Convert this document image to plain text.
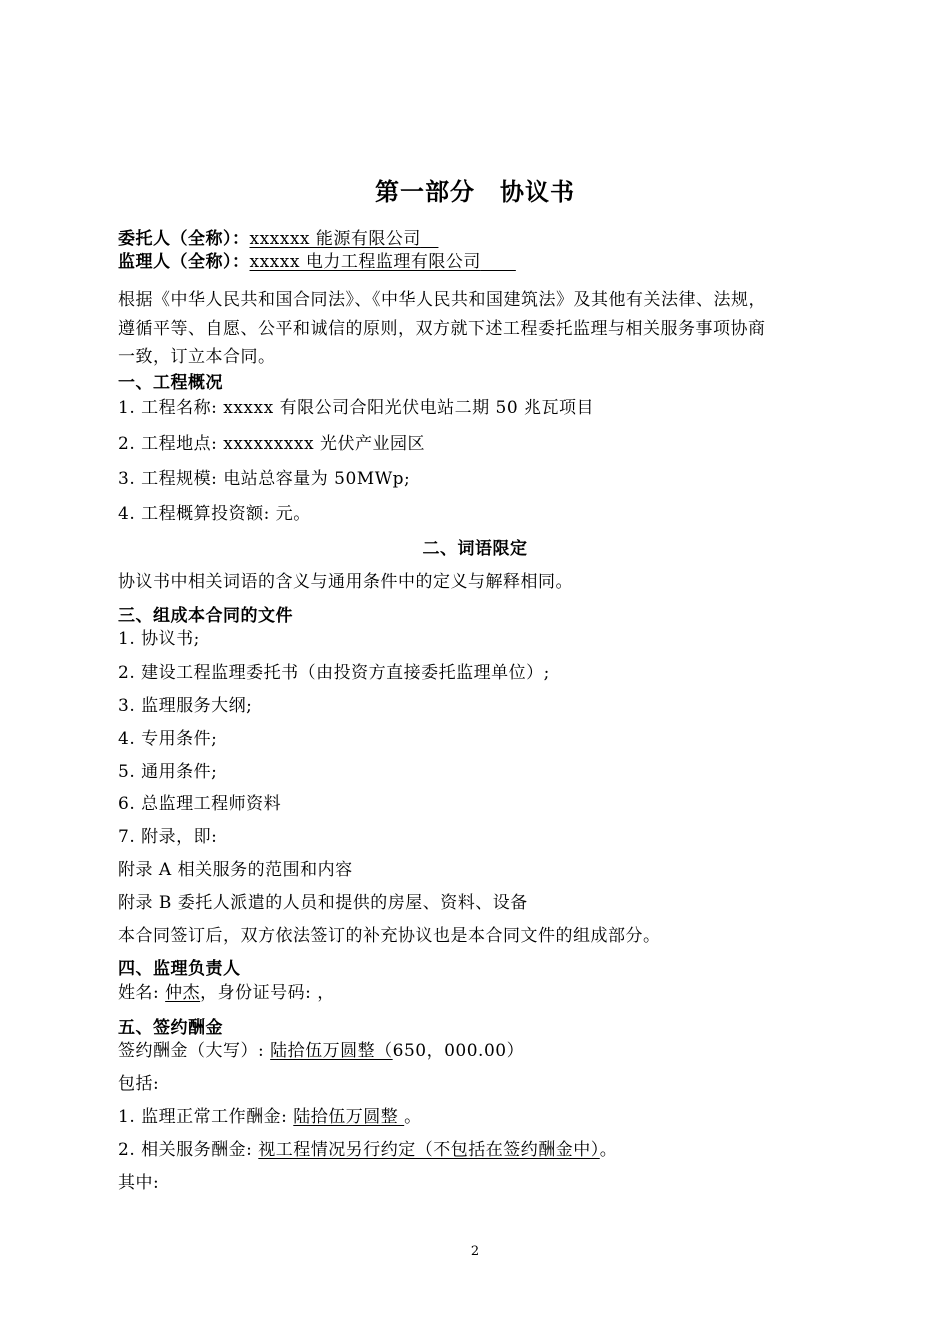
第一部分　协议书
委托人（全称）：xxxxxx 能源有限公司　
监理人（全称）：xxxxx 电力工程监理有限公司　　
根据《中华人民共和国合同法》、《中华人民共和国建筑法》及其他有关法律、法规，
遵循平等、自愿、公平和诚信的原则，双方就下述工程委托监理与相关服务事项协商
一致，订立本合同。
一、工程概况
1. 工程名称: xxxxx 有限公司合阳光伏电站二期 50 兆瓦项目
2. 工程地点: xxxxxxxxx 光伏产业园区
3. 工程规模: 电站总容量为 50MWp;
4. 工程概算投资额: 元。
二、词语限定
协议书中相关词语的含义与通用条件中的定义与解释相同。
三、组成本合同的文件
1. 协议书;
2. 建设工程监理委托书（由投资方直接委托监理单位）;
3. 监理服务大纲;
4. 专用条件;
5. 通用条件;
6. 总监理工程师资料
7. 附录，即:
附录 A 相关服务的范围和内容
附录 B 委托人派遣的人员和提供的房屋、资料、设备
本合同签订后，双方依法签订的补充协议也是本合同文件的组成部分。
四、监理负责人
姓名: 仲杰，身份证号码: ，
五、签约酬金
签约酬金（大写）: 陆拾伍万圆整（650，000.00）
包括:
1. 监理正常工作酬金: 陆拾伍万圆整 。
2. 相关服务酬金: 视工程情况另行约定（不包括在签约酬金中）。
其中:
2
